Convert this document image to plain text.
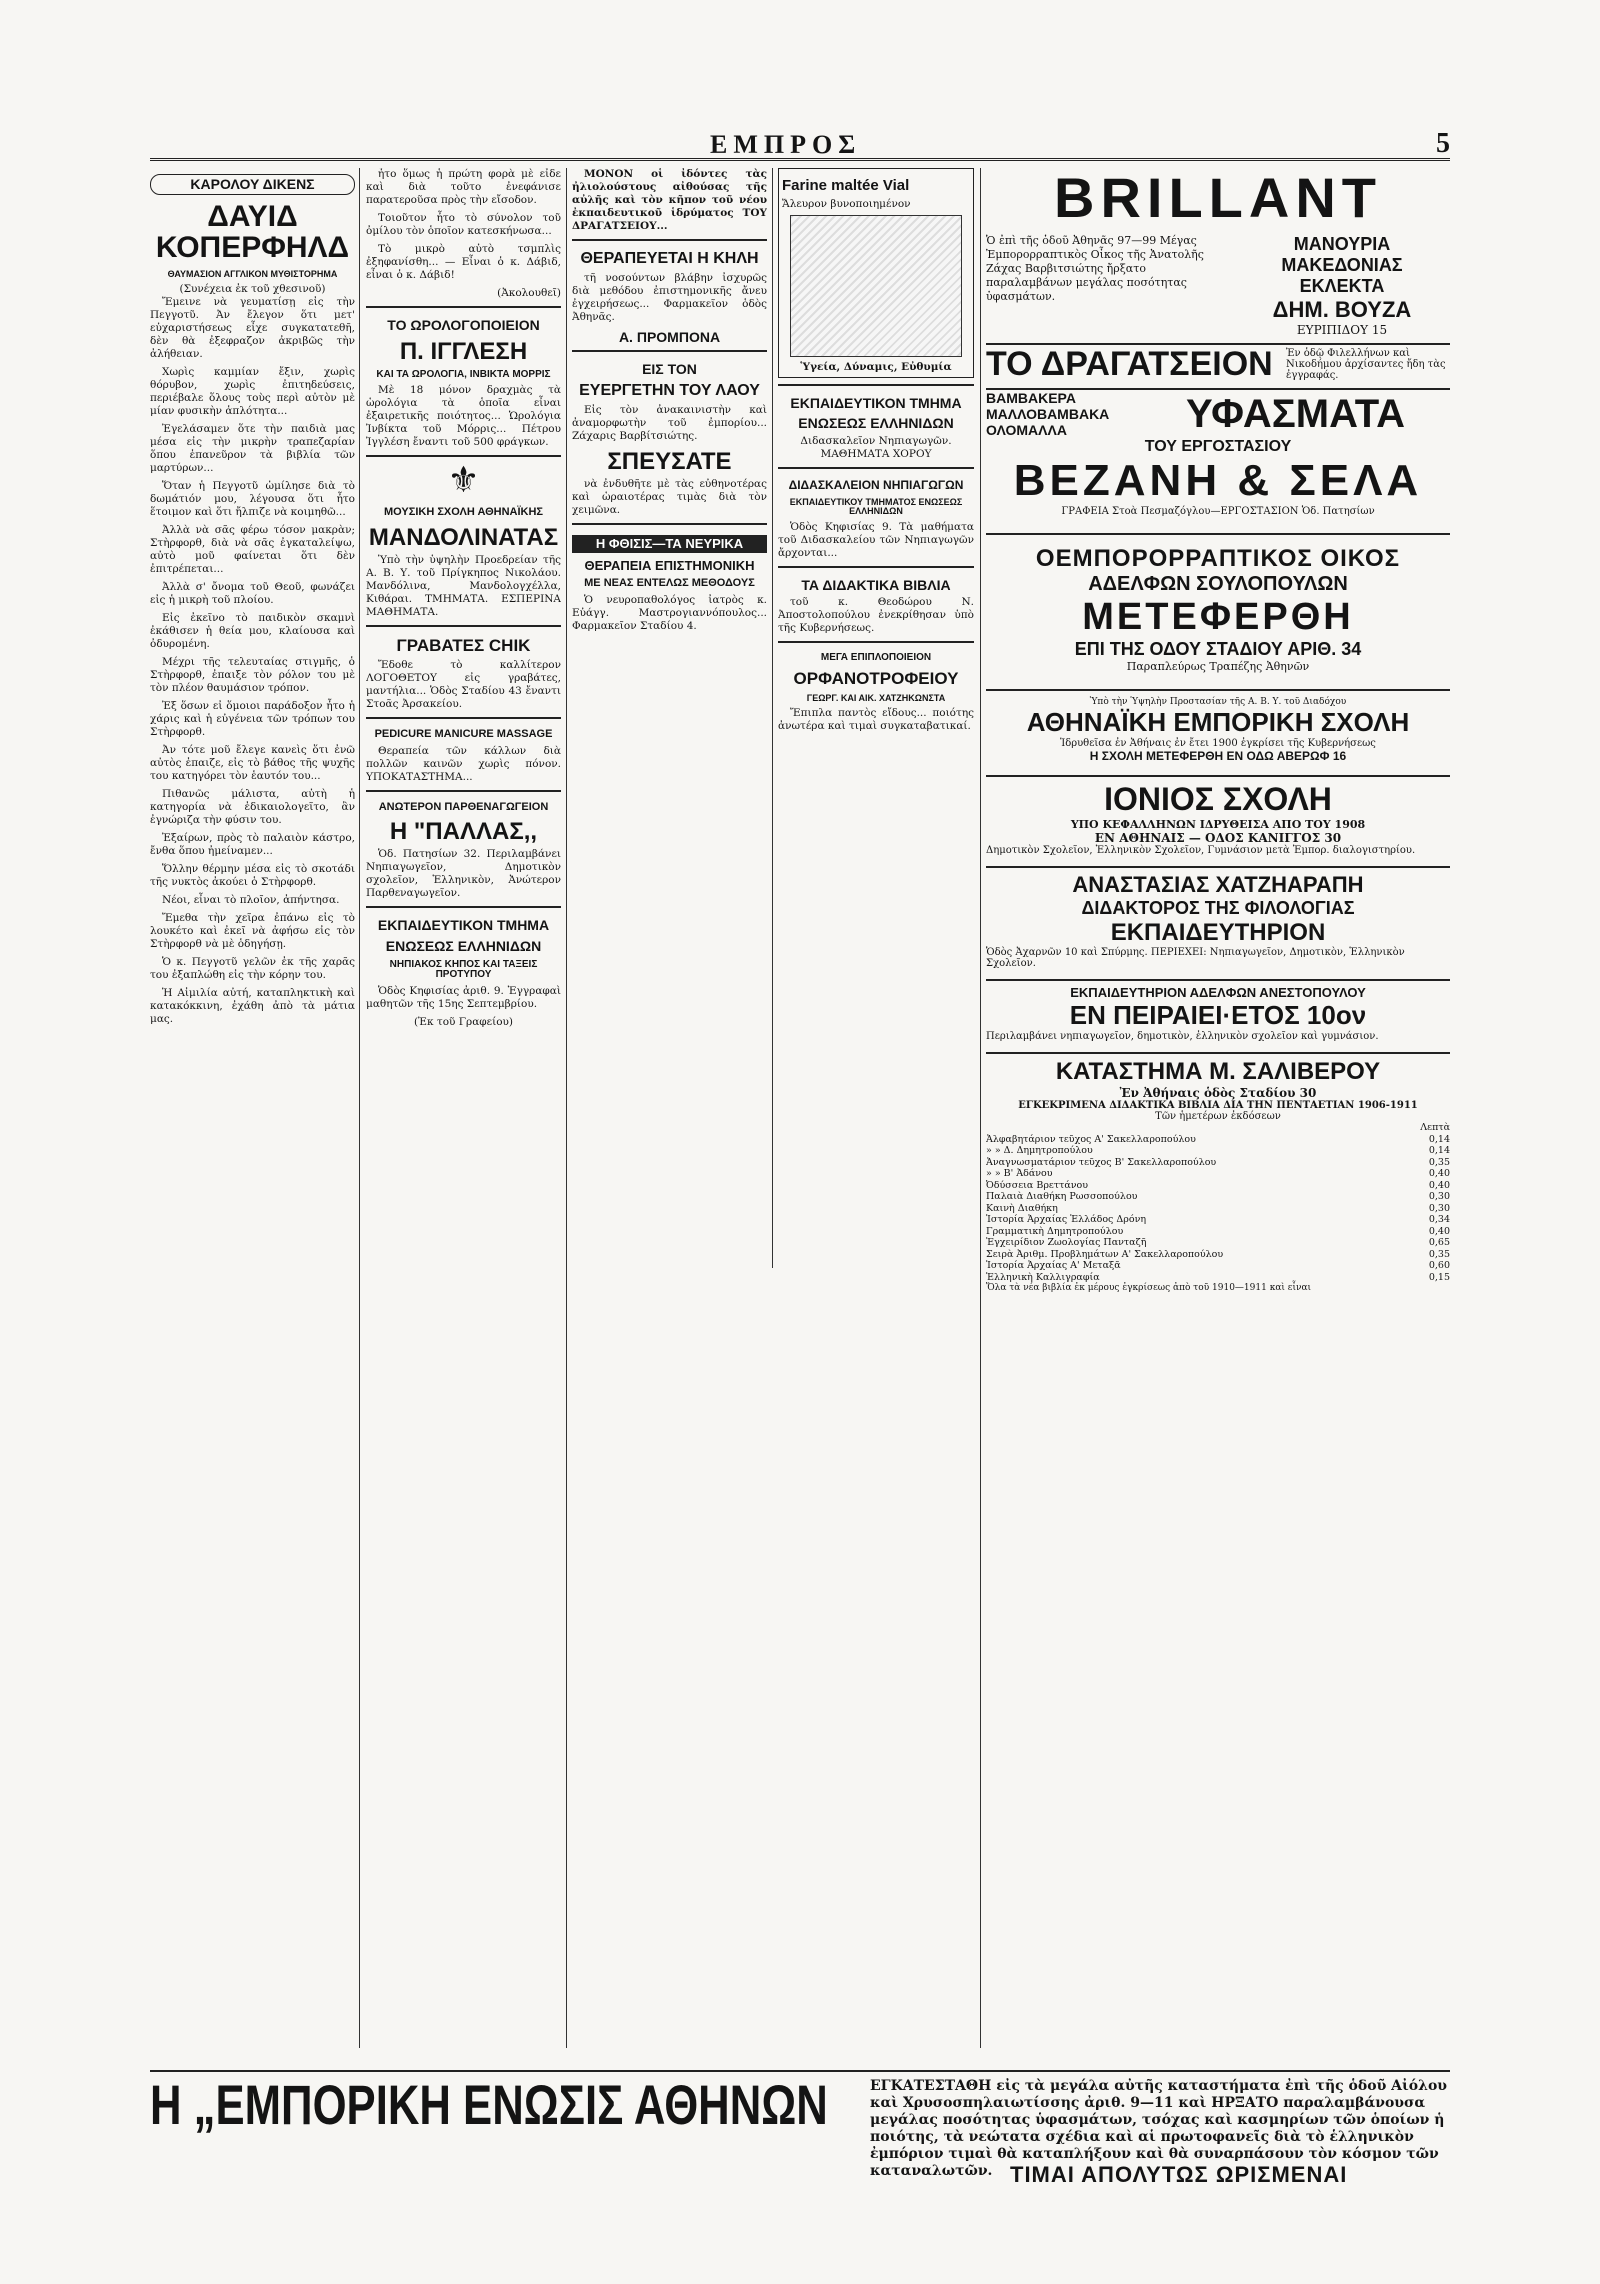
ΕΜΠΡΟΣ	5
ΚΑΡΟΛΟΥ ΔΙΚΕΝΣ
ΔΑΥΙΔ ΚΟΠΕΡΦΗΛΔ
ΘΑΥΜΑΣΙΟΝ ΑΓΓΛΙΚΟΝ ΜΥΘΙΣΤΟΡΗΜΑ
(Συνέχεια ἐκ τοῦ χθεσινοῦ)

Ἔμεινε νὰ γευματίσῃ εἰς τὴν Πεγγοτῦ. Ἀν ἔλεγον ὅτι μετ' εὐχαριστήσεως εἶχε συγκατατεθῆ, δὲν θὰ ἐξεφραζον ἀκριβῶς τὴν ἀλήθειαν.

Χωρὶς καμμίαν ἔξιν, χωρὶς θόρυβον, χωρὶς ἐπιτηδεύσεις, περιέβαλε ὅλους τοὺς περὶ αὐτὸν μὲ μίαν φυσικὴν ἁπλότητα...

Ἐγελάσαμεν ὅτε τὴν παιδιὰ μας μέσα εἰς τὴν μικρὴν τραπεζαρίαν ὅπου ἐπανεῦρον τὰ βιβλία τῶν μαρτύρων...

Ὅταν ἡ Πεγγοτῦ ὡμίλησε διὰ τὸ δωμάτιόν μου, λέγουσα ὅτι ἦτο ἕτοιμον καὶ ὅτι ἤλπιζε νὰ κοιμηθῶ...

Ἀλλὰ νὰ σᾶς φέρω τόσον μακρὰν; Στὴρφορθ, διὰ νὰ σᾶς ἐγκαταλείψω, αὐτὸ μοῦ φαίνεται ὅτι δὲν ἐπιτρέπεται...

Ἀλλὰ σ' ὄνομα τοῦ Θεοῦ, φωνάζει εἰς ἡ μικρὴ τοῦ πλοίου.

Εἰς ἐκεῖνο τὸ παιδικὸν σκαμνὶ ἐκάθισεν ἡ θεία μου, κλαίουσα καὶ ὀδυρομένη.

Μέχρι τῆς τελευταίας στιγμῆς, ὁ Στὴρφορθ, ἐπαιξε τὸν ρόλον του μὲ τὸν πλέον θαυμάσιον τρόπον.

Ἐξ ὅσων εἰ ὅμοιοι παράδοξον ἦτο ἡ χάρις καὶ ἡ εὐγένεια τῶν τρόπων του Στὴρφορθ.

Ἀν τότε μοῦ ἔλεγε κανεὶς ὅτι ἐνῶ αὐτὸς ἐπαιζε, εἰς τὸ βάθος τῆς ψυχῆς του κατηγόρει τὸν ἑαυτόν του...

Πιθανῶς μάλιστα, αὐτὴ ἡ κατηγορία νὰ ἐδικαιολογεῖτο, ἂν ἐγνώριζα τὴν φύσιν του.

Ἐξαίρων, πρὸς τὸ παλαιὸν κάστρο, ἔνθα ὅπου ἠμείναμεν...

Ὅλλην θέρμην μέσα εἰς τὸ σκοτάδι τῆς νυκτὸς ἀκούει ὁ Στὴρφορθ.

Νέοι, εἶναι τὸ πλοῖον, ἀπήντησα.

Ἔμεθα τὴν χεῖρα ἐπάνω εἰς τὸ λουκέτο καὶ ἐκεῖ νὰ ἀφήσω εἰς τὸν Στὴρφορθ νὰ μὲ ὁδηγήσῃ.

Ὁ κ. Πεγγοτῦ γελῶν ἐκ τῆς χαρᾶς του ἐξαπλώθη εἰς τὴν κόρην του.

Ἡ Αἰμιλία αὐτή, καταπληκτικὴ καὶ κατακόκκινη, ἐχάθη ἀπὸ τὰ μάτια μας.

ἦτο ὅμως ἡ πρώτη φορὰ μὲ εἶδε καὶ διὰ τοῦτο ἐνεφάνισε παρατεροῦσα πρὸς τὴν εἴσοδον.

Τοιοῦτον ἦτο τὸ σύνολον τοῦ ὀμίλου τὸν ὁποῖον κατεσκήνωσα...

Τὸ μικρὸ αὐτὸ τσμπλὶς ἐξηφανίσθη... — Εἶναι ὁ κ. Δάβιδ, εἶναι ὁ κ. Δάβιδ!

(Ἀκολουθεῖ)
ΤΟ ΩΡΟΛΟΓΟΠΟΙΕΙΟΝ
Π. ΙΓΓΛΕΣΗ
ΚΑΙ ΤΑ ΩΡΟΛΟΓΙΑ, ΙΝΒΙΚΤΑ ΜΟΡΡΙΣ

Μὲ 18 μόνον δραχμὰς τὰ ὡρολόγια τὰ ὁποῖα εἶναι ἐξαιρετικῆς ποιότητος... Ὡρολόγια Ἰνβίκτα τοῦ Μόρρις... Πέτρου Ἰγγλέση ἔναντι τοῦ 500 φράγκων.

⚜
ΜΟΥΣΙΚΗ ΣΧΟΛΗ ΑΘΗΝΑΪΚΗΣ
ΜΑΝΔΟΛΙΝΑΤΑΣ

Ὑπὸ τὴν ὑψηλὴν Προεδρείαν τῆς Α. Β. Υ. τοῦ Πρίγκηπος Νικολάου. Μανδόλινα, Μανδολογχέλλα, Κιθάραι. ΤΜΗΜΑΤΑ. ΕΣΠΕΡΙΝΑ ΜΑΘΗΜΑΤΑ.

ΓΡΑΒΑΤΕΣ CHIK

Ἔδοθε τὸ καλλίτερον ΛΟΓΟΘΕΤΟΥ εἰς γραβάτες, μαντήλια... Ὁδὸς Σταδίου 43 ἔναντι Στοᾶς Ἀρσακείου.

PEDICURE MANICURE MASSAGE

Θεραπεία τῶν κάλλων διὰ πολλῶν καινῶν χωρὶς πόνον. ΥΠΟΚΑΤΑΣΤΗΜΑ...

ΑΝΩΤΕΡΟΝ ΠΑΡΘΕΝΑΓΩΓΕΙΟΝ
Η "ΠΑΛΛΑΣ,,

Ὁδ. Πατησίων 32. Περιλαμβάνει Νηπιαγωγεῖον, Δημοτικὸν σχολεῖον, Ἑλληνικὸν, Ἀνώτερον Παρθεναγωγεῖον.

ΕΚΠΑΙΔΕΥΤΙΚΟΝ ΤΜΗΜΑ
ΕΝΩΣΕΩΣ ΕΛΛΗΝΙΔΩΝ
ΝΗΠΙΑΚΟΣ ΚΗΠΟΣ ΚΑΙ ΤΑΞΕΙΣ ΠΡΟΤΥΠΟΥ

Ὁδὸς Κηφισίας ἀριθ. 9. Ἐγγραφαὶ μαθητῶν τῆς 15ης Σεπτεμβρίου.

(Ἐκ τοῦ Γραφείου)

ΜΟΝΟΝ οἱ ἰδόντες τὰς ἠλιολούστους αἰθούσας τῆς αὐλῆς καὶ τὸν κῆπον τοῦ νέου ἐκπαιδευτικοῦ ἱδρύματος ΤΟΥ ΔΡΑΓΑΤΣΕΙΟΥ...

ΘΕΡΑΠΕΥΕΤΑΙ Η ΚΗΛΗ

τῆ νοσούντων βλάβην ἰσχυρῶς διὰ μεθόδου ἐπιστημονικῆς ἄνευ ἐγχειρήσεως... Φαρμακεῖον ὁδὸς Ἀθηνᾶς.

Α. ΠΡΟΜΠΟΝΑ
ΕΙΣ ΤΟΝ
ΕΥΕΡΓΕΤΗΝ ΤΟΥ ΛΑΟΥ

Εἰς τὸν ἀνακαινιστὴν καὶ ἀναμορφωτὴν τοῦ ἐμπορίου... Ζάχαρις Βαρβίτσιώτης.

ΣΠΕΥΣΑΤΕ

νὰ ἐνδυθῆτε μὲ τὰς εὐθηνοτέρας καὶ ὡραιοτέρας τιμὰς διὰ τὸν χειμῶνα.

Η ΦΘΙΣΙΣ—ΤΑ ΝΕΥΡΙΚΑ
ΘΕΡΑΠΕΙΑ ΕΠΙΣΤΗΜΟΝΙΚΗ
ΜΕ ΝΕΑΣ ΕΝΤΕΛΩΣ ΜΕΘΟΔΟΥΣ

Ὁ νευροπαθολόγος ἰατρὸς κ. Εὐάγγ. Μαστρογιαννόπουλος... Φαρμακεῖον Σταδίου 4.

Farine maltée Vial
Ἄλευρον βυνοποιημένον
Ὑγεία, Δύναμις, Εὐθυμία
ΕΚΠΑΙΔΕΥΤΙΚΟΝ ΤΜΗΜΑ
ΕΝΩΣΕΩΣ ΕΛΛΗΝΙΔΩΝ
Διδασκαλεῖον Νηπιαγωγῶν. ΜΑΘΗΜΑΤΑ ΧΟΡΟΥ
ΔΙΔΑΣΚΑΛΕΙΟΝ ΝΗΠΙΑΓΩΓΩΝ
ΕΚΠΑΙΔΕΥΤΙΚΟΥ ΤΜΗΜΑΤΟΣ ΕΝΩΣΕΩΣ ΕΛΛΗΝΙΔΩΝ

Ὁδὸς Κηφισίας 9. Τὰ μαθήματα τοῦ Διδασκαλείου τῶν Νηπιαγωγῶν ἄρχονται...

ΤΑ ΔΙΔΑΚΤΙΚΑ ΒΙΒΛΙΑ

τοῦ κ. Θεοδώρου Ν. Ἀποστολοπούλου ἐνεκρίθησαν ὑπὸ τῆς Κυβερνήσεως.

ΜΕΓΑ ΕΠΙΠΛΟΠΟΙΕΙΟΝ
ΟΡΦΑΝΟΤΡΟΦΕΙΟΥ
ΓΕΩΡΓ. ΚΑΙ ΑΙΚ. ΧΑΤΖΗΚΩΝΣΤΑ

Ἔπιπλα παντὸς εἴδους... ποιότης ἀνωτέρα καὶ τιμαὶ συγκαταβατικαί.

BRILLANT
Ὁ ἐπὶ τῆς ὁδοῦ Ἀθηνᾶς 97—99 Μέγας Ἐμπορορραπτικὸς Οἶκος τῆς Ἀνατολῆς Ζάχας Βαρβιτσιώτης ἤρξατο παραλαμβάνων μεγάλας ποσότητας ὑφασμάτων.
ΜΑΝΟΥΡΙΑ ΜΑΚΕΔΟΝΙΑΣ
ΕΚΛΕΚΤΑ
ΔΗΜ. ΒΟΥΖΑ
ΕΥΡΙΠΙΔΟΥ 15
ΤΟ ΔΡΑΓΑΤΣΕΙΟΝ	Ἐν ὁδῷ Φιλελλήνων καὶ Νικοδήμου ἀρχίσαντες ἤδη τὰς ἐγγραφάς.
ΒΑΜΒΑΚΕΡΑ ΜΑΛΛΟΒΑΜΒΑΚΑ ΟΛΟΜΑΛΛΑ	ΥΦΑΣΜΑΤΑ
ΤΟΥ ΕΡΓΟΣΤΑΣΙΟΥ
ΒΕΖΑΝΗ & ΣΕΛΑ
ΓΡΑΦΕΙΑ Στοὰ Πεσμαζόγλου—ΕΡΓΟΣΤΑΣΙΟΝ Ὁδ. Πατησίων
ΟΕΜΠΟΡΟΡΡΑΠΤΙΚΟΣ ΟΙΚΟΣ
ΑΔΕΛΦΩΝ ΣΟΥΛΟΠΟΥΛΩΝ
ΜΕΤΕΦΕΡΘΗ
ΕΠΙ ΤΗΣ ΟΔΟΥ ΣΤΑΔΙΟΥ ΑΡΙΘ. 34
Παραπλεύρως Τραπέζης Ἀθηνῶν
Ὑπὸ τὴν Ὑψηλὴν Προστασίαν τῆς Α. Β. Υ. τοῦ Διαδόχου
ΑΘΗΝΑΪΚΗ ΕΜΠΟΡΙΚΗ ΣΧΟΛΗ
Ἱδρυθεῖσα ἐν Ἀθήναις ἐν ἔτει 1900 ἐγκρίσει τῆς Κυβερνήσεως
Η ΣΧΟΛΗ ΜΕΤΕΦΕΡΘΗ ΕΝ ΟΔΩ ΑΒΕΡΩΦ 16
ΙΟΝΙΟΣ ΣΧΟΛΗ
ΥΠΟ ΚΕΦΑΛΛΗΝΩΝ ΙΔΡΥΘΕΙΣΑ ΑΠΟ ΤΟΥ 1908
ΕΝ ΑΘΗΝΑΙΣ — ΟΔΟΣ ΚΑΝΙΓΓΟΣ 30
Δημοτικὸν Σχολεῖον, Ἑλληνικὸν Σχολεῖον, Γυμνάσιον μετὰ Ἐμπορ. διαλογιστηρίου.
ΑΝΑΣΤΑΣΙΑΣ ΧΑΤΖΗΑΡΑΠΗ
ΔΙΔΑΚΤΟΡΟΣ ΤΗΣ ΦΙΛΟΛΟΓΙΑΣ
ΕΚΠΑΙΔΕΥΤΗΡΙΟΝ
Ὁδὸς Ἀχαρνῶν 10 καὶ Σπύρμης. ΠΕΡΙΕΧΕΙ: Νηπιαγωγεῖον, Δημοτικὸν, Ἑλληνικὸν Σχολεῖον.
ΕΚΠΑΙΔΕΥΤΗΡΙΟΝ ΑΔΕΛΦΩΝ ΑΝΕΣΤΟΠΟΥΛΟΥ
ΕΝ ΠΕΙΡΑΙΕΙ·ΕΤΟΣ 10ον
Περιλαμβάνει νηπιαγωγεῖον, δημοτικὸν, ἑλληνικὸν σχολεῖον καὶ γυμνάσιον.
ΚΑΤΑΣΤΗΜΑ Μ. ΣΑΛΙΒΕΡΟΥ
Ἐν Ἀθήναις ὁδὸς Σταδίου 30
ΕΓΚΕΚΡΙΜΕΝΑ ΔΙΔΑΚΤΙΚΑ ΒΙΒΛΙΑ ΔΙΑ ΤΗΝ ΠΕΝΤΑΕΤΙΑΝ 1906-1911
Τῶν ἡμετέρων ἐκδόσεων
Λεπτὰ
Ἀλφαβητάριον τεῦχος Α' Σακελλαροπούλου	0,14
» » Δ. Δημητροπούλου	0,14
Ἀναγνωσματάριον τεῦχος Β' Σακελλαροπούλου	0,35
» » Β' Ἀδάνου	0,40
Ὀδύσσεια Βρεττάνου	0,40
Παλαιὰ Διαθήκη Ρωσσοπούλου	0,30
Καινὴ Διαθήκη	0,30
Ἱστορία Ἀρχαίας Ἑλλάδος Δρόνη	0,34
Γραμματικὴ Δημητροπούλου	0,40
Ἐγχειρίδιον Ζωολογίας Πανταζῆ	0,65
Σειρὰ Ἀριθμ. Προβλημάτων Α' Σακελλαροπούλου	0,35
Ἱστορία Ἀρχαίας Α' Μεταξᾶ	0,60
Ἑλληνικὴ Καλλιγραφία	0,15
Ὅλα τὰ νέα βιβλία ἐκ μέρους ἐγκρίσεως ἀπὸ τοῦ 1910—1911 καὶ εἶναι
Η „ΕΜΠΟΡΙΚΗ ΕΝΩΣΙΣ ΑΘΗΝΩΝ	ΕΓΚΑΤΕΣΤΑΘΗ εἰς τὰ μεγάλα αὐτῆς καταστήματα ἐπὶ τῆς ὁδοῦ Αἰόλου καὶ Χρυσοσπηλαιωτίσσης ἀριθ. 9—11 καὶ ΗΡΞΑΤΟ παραλαμβάνουσα μεγάλας ποσότητας ὑφασμάτων, τσόχας καὶ κασμηρίων τῶν ὁποίων ἡ ποιότης, τὰ νεώτατα σχέδια καὶ αἱ πρωτοφανεῖς διὰ τὸ ἑλληνικὸν ἐμπόριον τιμαὶ θὰ καταπλήξουν καὶ θὰ συναρπάσουν τὸν κόσμον τῶν καταναλωτῶν. ΤΙΜΑΙ ΑΠΟΛΥΤΩΣ ΩΡΙΣΜΕΝΑΙ
